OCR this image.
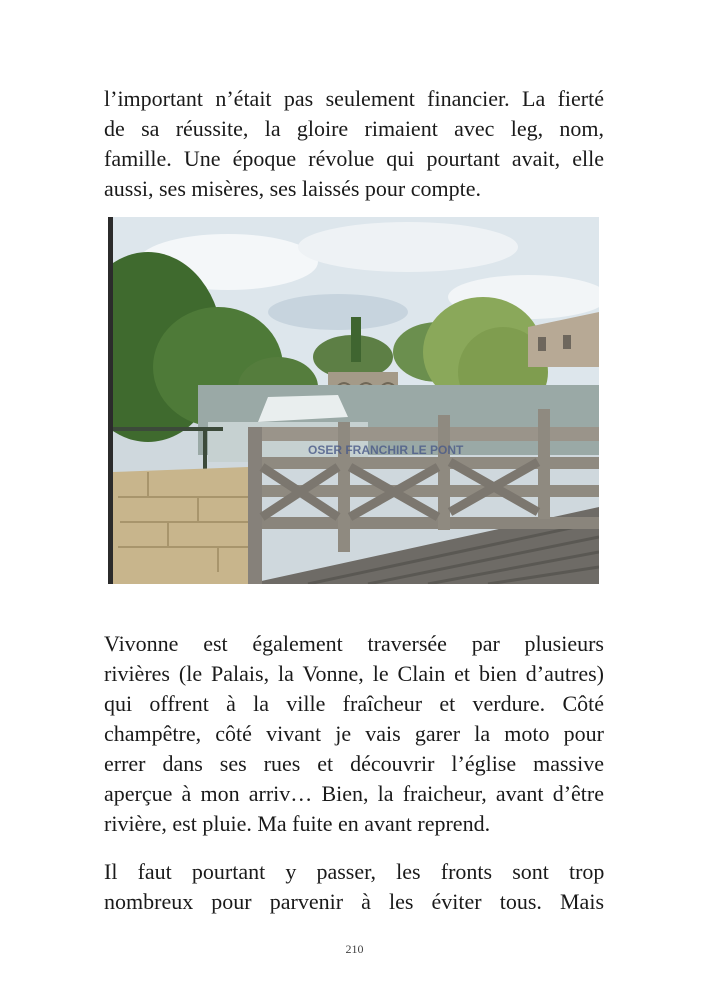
l’important n’était pas seulement financier. La fierté
de sa réussite, la gloire rimaient avec leg, nom,
famille. Une époque révolue qui pourtant avait, elle
aussi, ses misères, ses laissés pour compte.

OSER FRANCHIR LE PONT

Vivonne est également traversée par plusieurs
rivières (le Palais, la Vonne, le Clain et bien d’autres)
qui offrent à la ville fraîcheur et verdure. Côté
champêtre, côté vivant je vais garer la moto pour
errer dans ses rues et découvrir l’église massive
aperçue à mon arriv… Bien, la fraicheur, avant d’être
rivière, est pluie. Ma fuite en avant reprend.

Il faut pourtant y passer, les fronts sont trop
nombreux pour parvenir à les éviter tous. Mais

210
